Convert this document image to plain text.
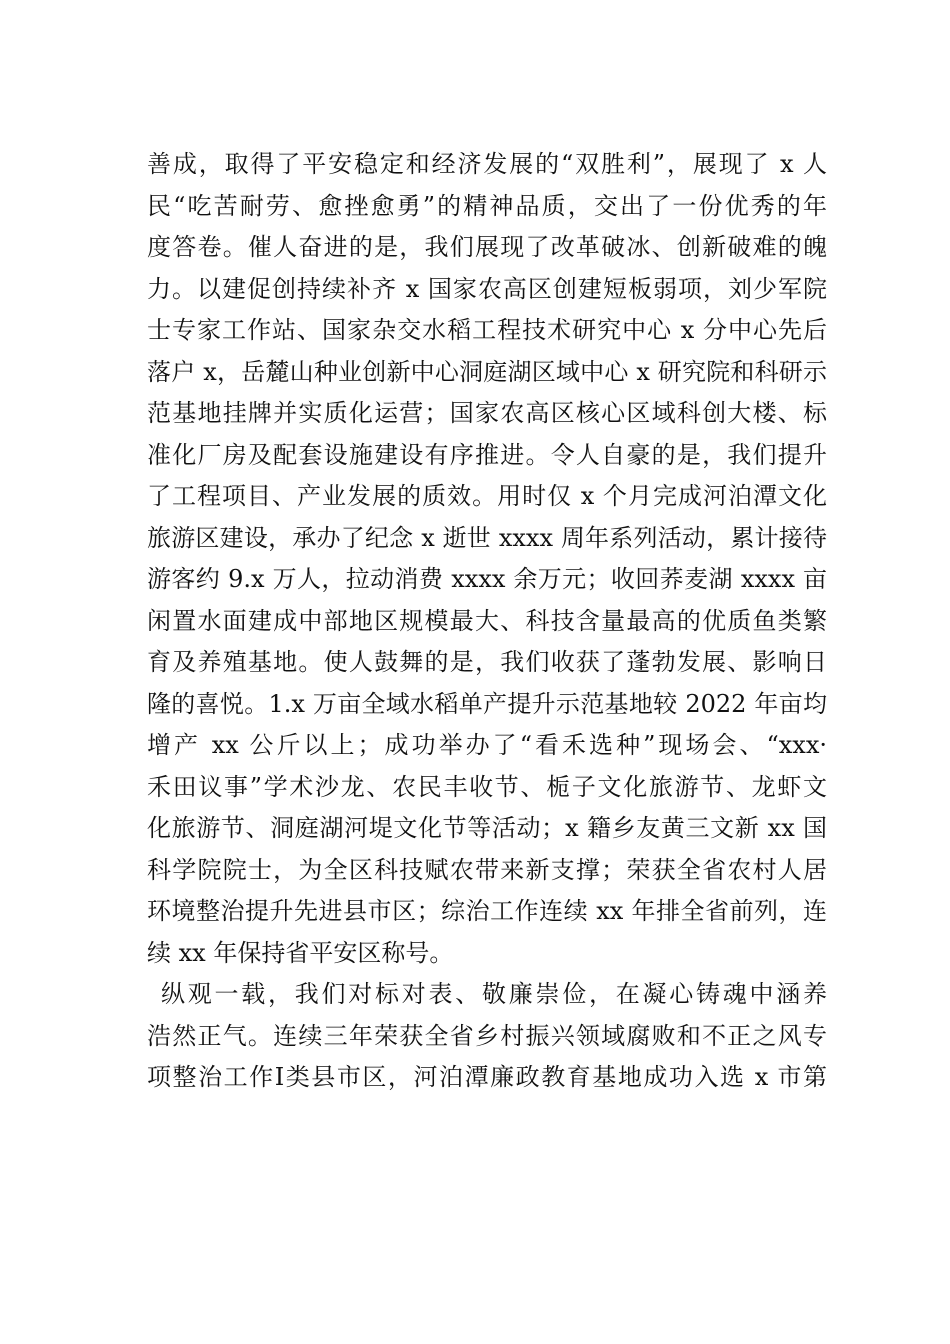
善成，取得了平安稳定和经济发展的“双胜利”，展现了 x 人
民“吃苦耐劳、愈挫愈勇”的精神品质，交出了一份优秀的年
度答卷。催人奋进的是，我们展现了改革破冰、创新破难的魄
力。以建促创持续补齐 x 国家农高区创建短板弱项，刘少军院
士专家工作站、国家杂交水稻工程技术研究中心 x 分中心先后
落户 x，岳麓山种业创新中心洞庭湖区域中心 x 研究院和科研示
范基地挂牌并实质化运营；国家农高区核心区域科创大楼、标
准化厂房及配套设施建设有序推进。令人自豪的是，我们提升
了工程项目、产业发展的质效。用时仅 x 个月完成河泊潭文化
旅游区建设，承办了纪念 x 逝世 xxxx 周年系列活动，累计接待
游客约 9.x 万人，拉动消费 xxxx 余万元；收回荞麦湖 xxxx 亩
闲置水面建成中部地区规模最大、科技含量最高的优质鱼类繁
育及养殖基地。使人鼓舞的是，我们收获了蓬勃发展、影响日
隆的喜悦。1.x 万亩全域水稻单产提升示范基地较 2022 年亩均
增产 xx 公斤以上；成功举办了“看禾选种”现场会、“xxx·
禾田议事”学术沙龙、农民丰收节、栀子文化旅游节、龙虾文
化旅游节、洞庭湖河堤文化节等活动；x 籍乡友黄三文新 xx 国
科学院院士，为全区科技赋农带来新支撑；荣获全省农村人居
环境整治提升先进县市区；综治工作连续 xx 年排全省前列，连
续 xx 年保持省平安区称号。
纵观一载，我们对标对表、敬廉崇俭，在凝心铸魂中涵养
浩然正气。连续三年荣获全省乡村振兴领域腐败和不正之风专
项整治工作Ⅰ类县市区，河泊潭廉政教育基地成功入选 x 市第
